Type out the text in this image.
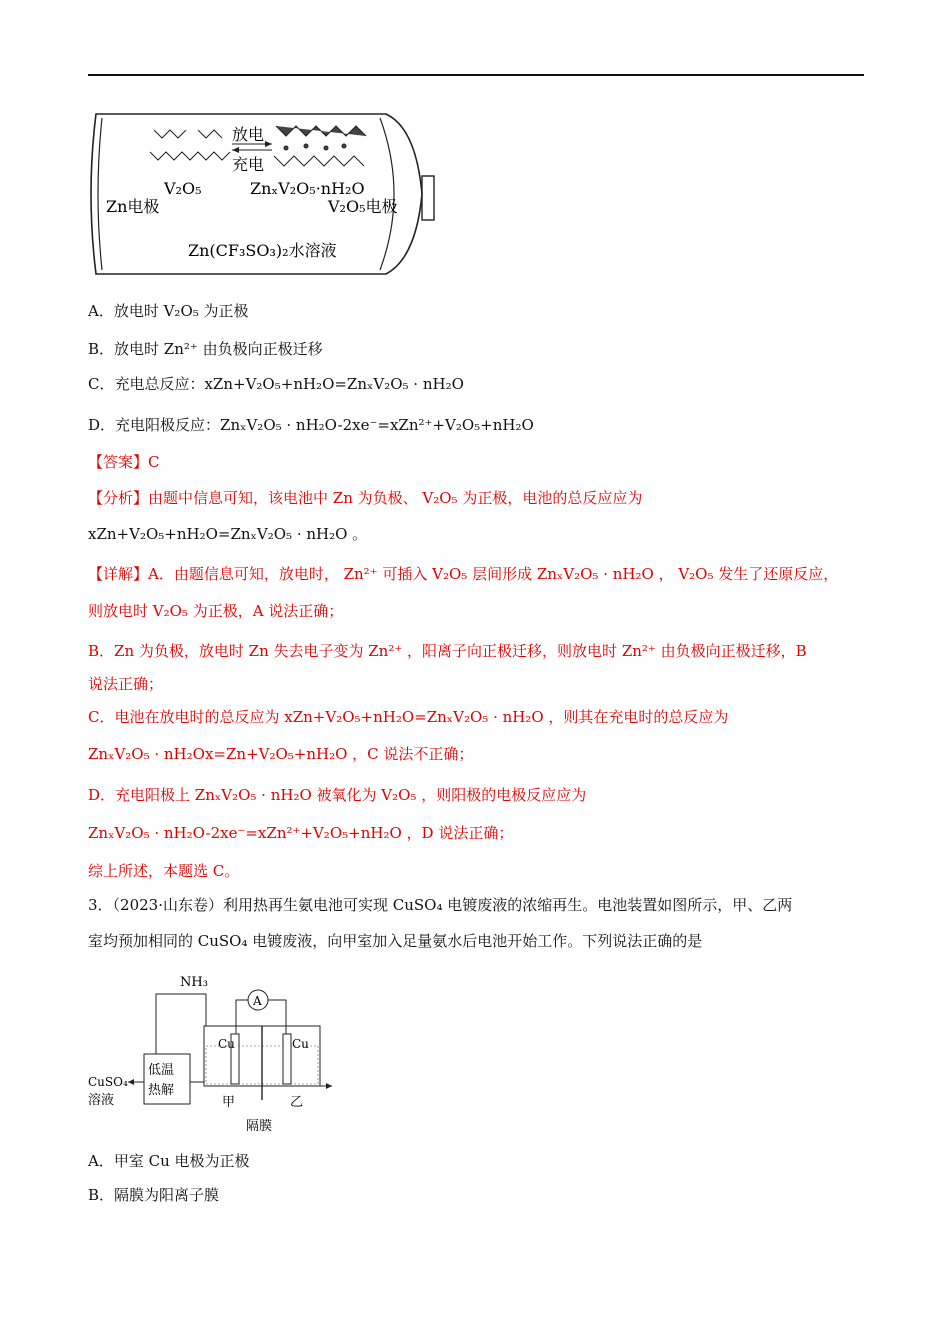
放电
充电
V₂O₅	ZnₓV₂O₅·nH₂O
Zn电极	V₂O₅电极
Zn(CF₃SO₃)₂水溶液
A．放电时 V₂O₅ 为正极
B．放电时 Zn²⁺ 由负极向正极迁移
C．充电总反应：xZn+V₂O₅+nH₂O=ZnₓV₂O₅ · nH₂O
D．充电阳极反应：ZnₓV₂O₅ · nH₂O-2xe⁻=xZn²⁺+V₂O₅+nH₂O
【答案】C
【分析】由题中信息可知，该电池中 Zn 为负极、 V₂O₅ 为正极，电池的总反应应为
xZn+V₂O₅+nH₂O=ZnₓV₂O₅ · nH₂O 。
【详解】A．由题信息可知，放电时， Zn²⁺ 可插入 V₂O₅ 层间形成 ZnₓV₂O₅ · nH₂O ， V₂O₅ 发生了还原反应，
则放电时 V₂O₅ 为正极，A 说法正确；
B．Zn 为负极，放电时 Zn 失去电子变为 Zn²⁺ ，阳离子向正极迁移，则放电时 Zn²⁺ 由负极向正极迁移，B
说法正确；
C．电池在放电时的总反应为 xZn+V₂O₅+nH₂O=ZnₓV₂O₅ · nH₂O ，则其在充电时的总反应为
ZnₓV₂O₅ · nH₂Ox=Zn+V₂O₅+nH₂O ，C 说法不正确；
D．充电阳极上 ZnₓV₂O₅ · nH₂O 被氧化为 V₂O₅ ，则阳极的电极反应应为
ZnₓV₂O₅ · nH₂O-2xe⁻=xZn²⁺+V₂O₅+nH₂O ，D 说法正确；
综上所述，本题选 C。
3．（2023·山东卷）利用热再生氨电池可实现 CuSO₄ 电镀废液的浓缩再生。电池装置如图所示，甲、乙两
室均预加相同的 CuSO₄ 电镀废液，向甲室加入足量氨水后电池开始工作。下列说法正确的是
NH₃
A
Cu	Cu
低温
热解
CuSO₄
溶液	甲	乙
隔膜
A．甲室 Cu 电极为正极
B．隔膜为阳离子膜
